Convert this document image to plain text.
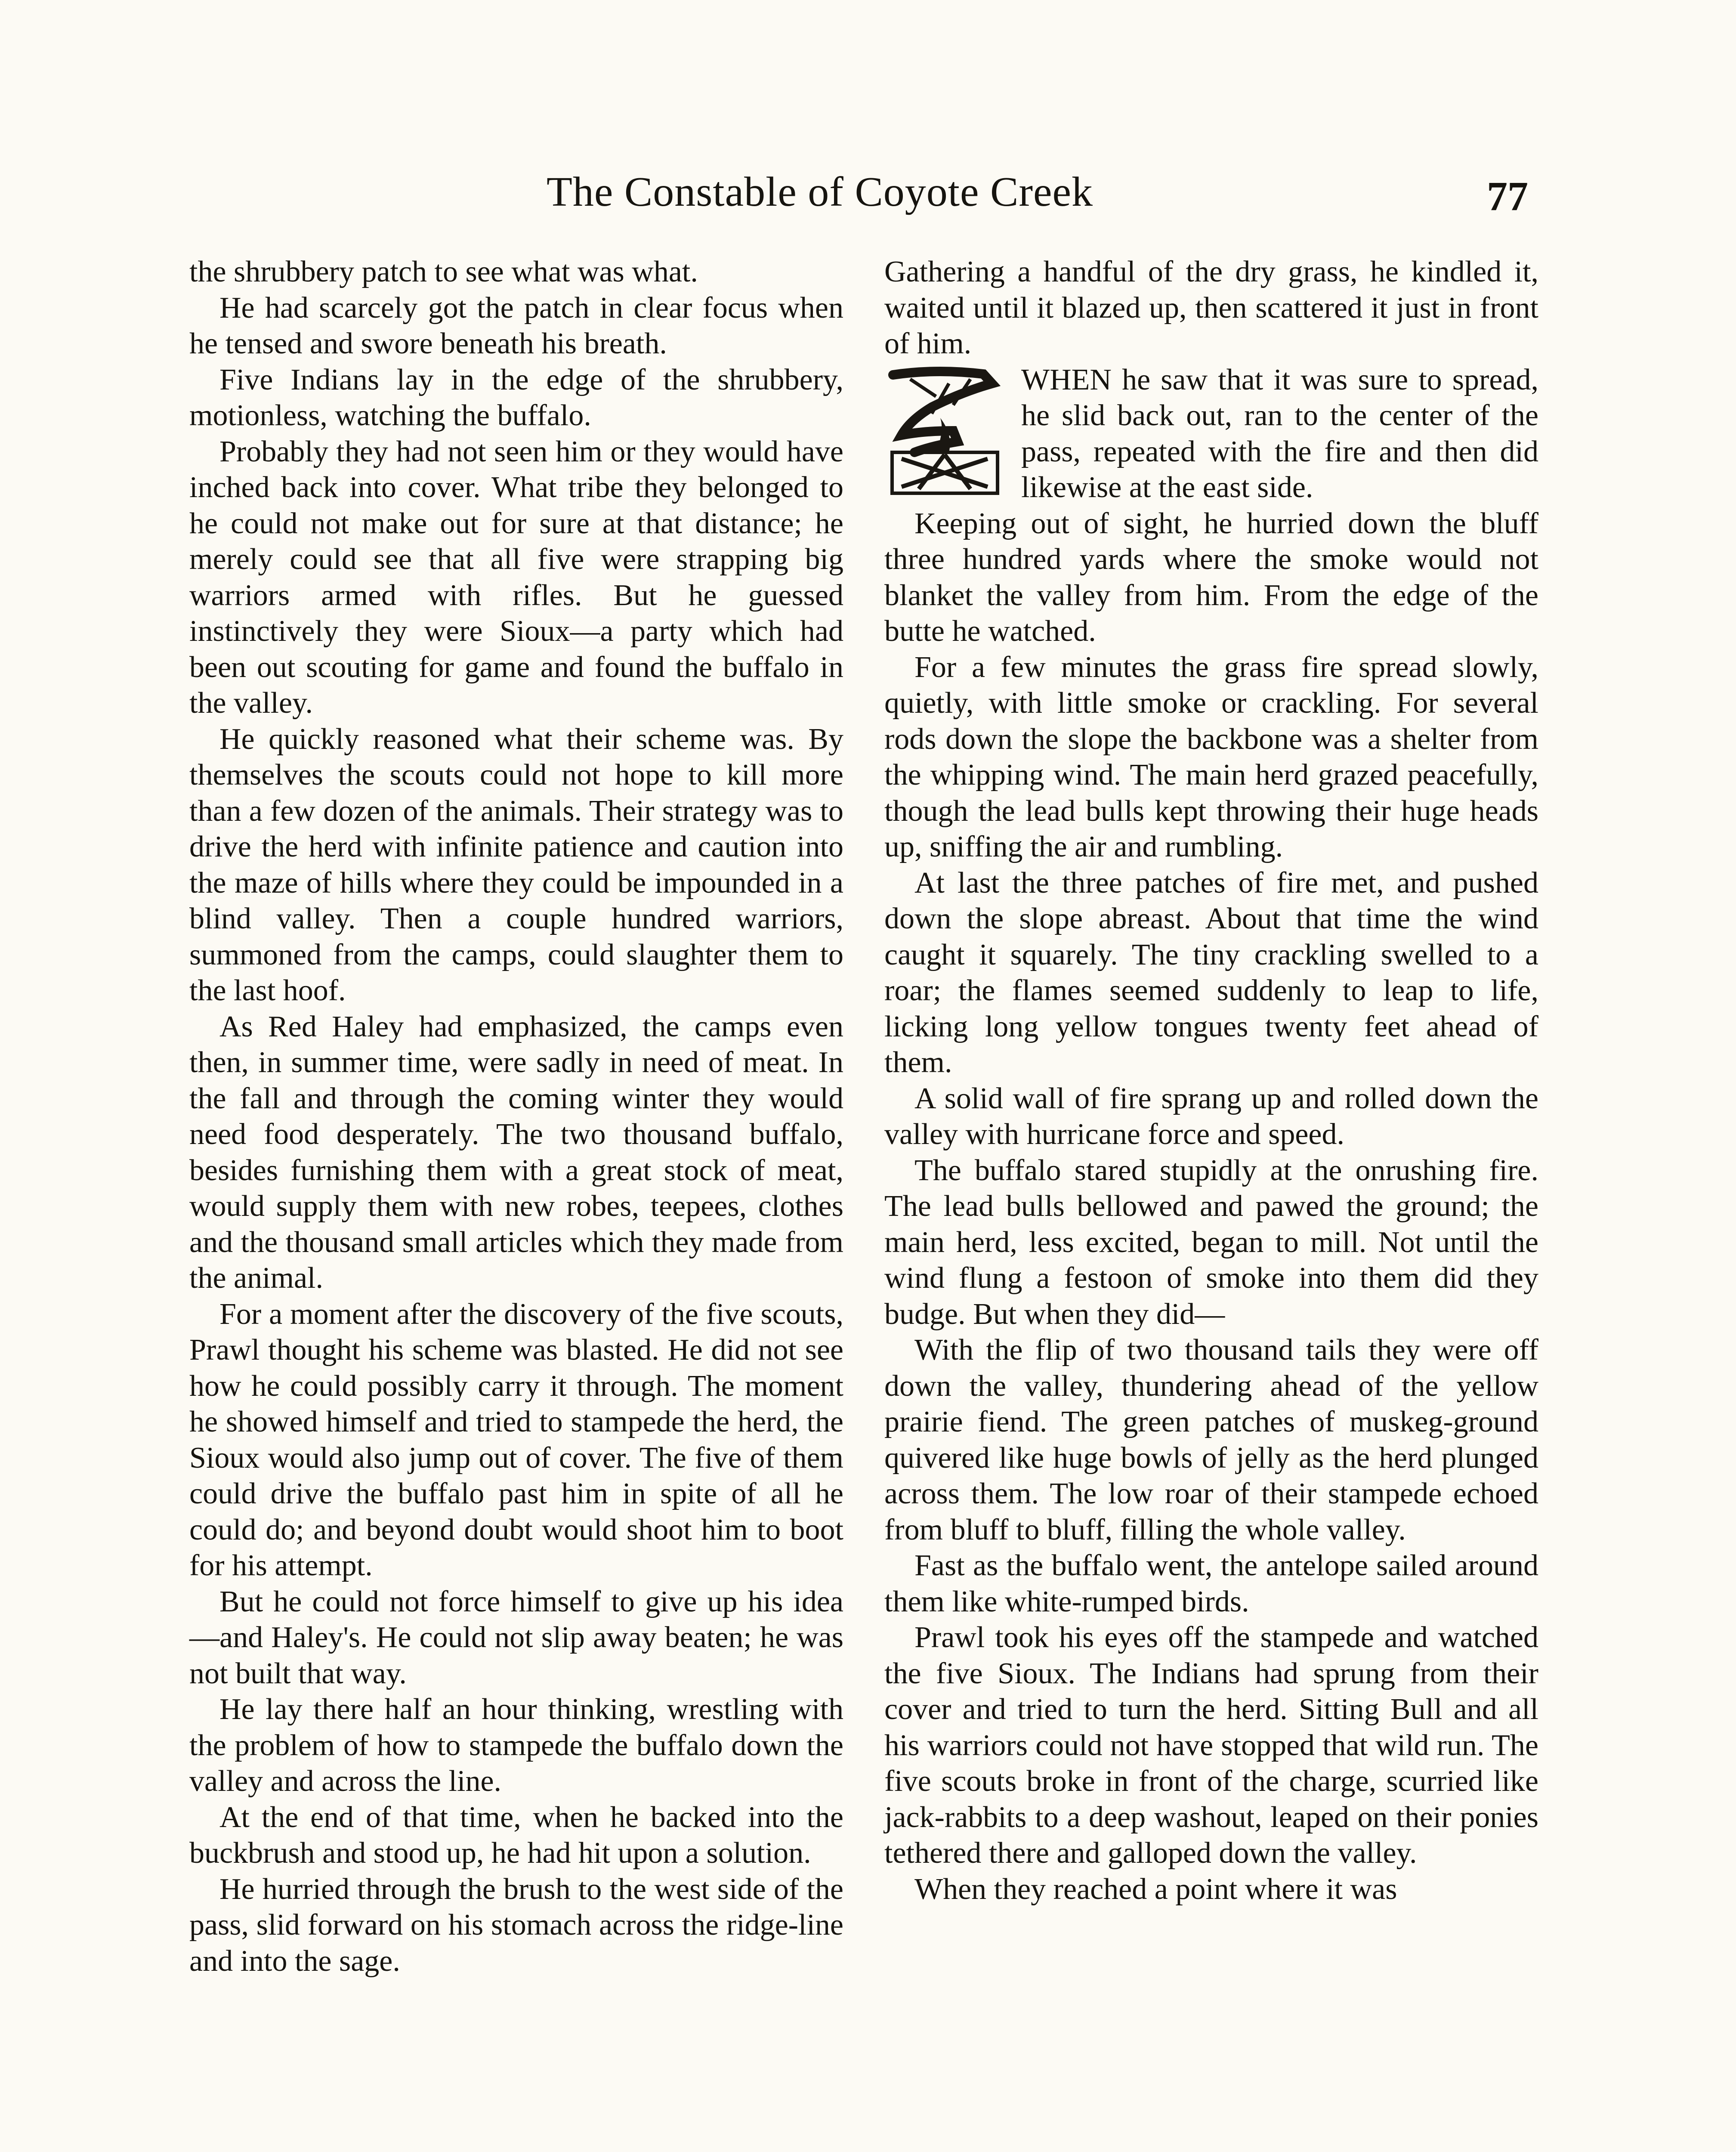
The Constable of Coyote Creek	77

the shrubbery patch to see what was what.

He had scarcely got the patch in clear focus when he tensed and swore beneath his breath.

Five Indians lay in the edge of the shrubbery, motionless, watching the buffalo.

Probably they had not seen him or they would have inched back into cover. What tribe they belonged to he could not make out for sure at that distance; he merely could see that all five were strapping big warriors armed with rifles. But he guessed instinctively they were Sioux—a party which had been out scouting for game and found the buffalo in the valley.

He quickly reasoned what their scheme was. By themselves the scouts could not hope to kill more than a few dozen of the animals. Their strategy was to drive the herd with infinite patience and caution into the maze of hills where they could be impounded in a blind valley. Then a couple hundred warriors, summoned from the camps, could slaughter them to the last hoof.

As Red Haley had emphasized, the camps even then, in summer time, were sadly in need of meat. In the fall and through the coming winter they would need food desperately. The two thousand buffalo, besides furnishing them with a great stock of meat, would supply them with new robes, teepees, clothes and the thousand small articles which they made from the animal.

For a moment after the discovery of the five scouts, Prawl thought his scheme was blasted. He did not see how he could possibly carry it through. The moment he showed himself and tried to stampede the herd, the Sioux would also jump out of cover. The five of them could drive the buffalo past him in spite of all he could do; and beyond doubt would shoot him to boot for his attempt.

But he could not force himself to give up his idea—and Haley's. He could not slip away beaten; he was not built that way.

He lay there half an hour thinking, wrestling with the problem of how to stampede the buffalo down the valley and across the line.

At the end of that time, when he backed into the buckbrush and stood up, he had hit upon a solution.

He hurried through the brush to the west side of the pass, slid forward on his stomach across the ridge-line and into the sage.

Gathering a handful of the dry grass, he kindled it, waited until it blazed up, then scattered it just in front of him.

WHEN he saw that it was sure to spread, he slid back out, ran to the center of the pass, repeated with the fire and then did likewise at the east side.

Keeping out of sight, he hurried down the bluff three hundred yards where the smoke would not blanket the valley from him. From the edge of the butte he watched.

For a few minutes the grass fire spread slowly, quietly, with little smoke or crackling. For several rods down the slope the backbone was a shelter from the whipping wind. The main herd grazed peacefully, though the lead bulls kept throwing their huge heads up, sniffing the air and rumbling.

At last the three patches of fire met, and pushed down the slope abreast. About that time the wind caught it squarely. The tiny crackling swelled to a roar; the flames seemed suddenly to leap to life, licking long yellow tongues twenty feet ahead of them.

A solid wall of fire sprang up and rolled down the valley with hurricane force and speed.

The buffalo stared stupidly at the onrushing fire. The lead bulls bellowed and pawed the ground; the main herd, less excited, began to mill. Not until the wind flung a festoon of smoke into them did they budge. But when they did—

With the flip of two thousand tails they were off down the valley, thundering ahead of the yellow prairie fiend. The green patches of muskeg-ground quivered like huge bowls of jelly as the herd plunged across them. The low roar of their stampede echoed from bluff to bluff, filling the whole valley.

Fast as the buffalo went, the antelope sailed around them like white-rumped birds.

Prawl took his eyes off the stampede and watched the five Sioux. The Indians had sprung from their cover and tried to turn the herd. Sitting Bull and all his warriors could not have stopped that wild run. The five scouts broke in front of the charge, scurried like jack-rabbits to a deep washout, leaped on their ponies tethered there and galloped down the valley.

When they reached a point where it was
